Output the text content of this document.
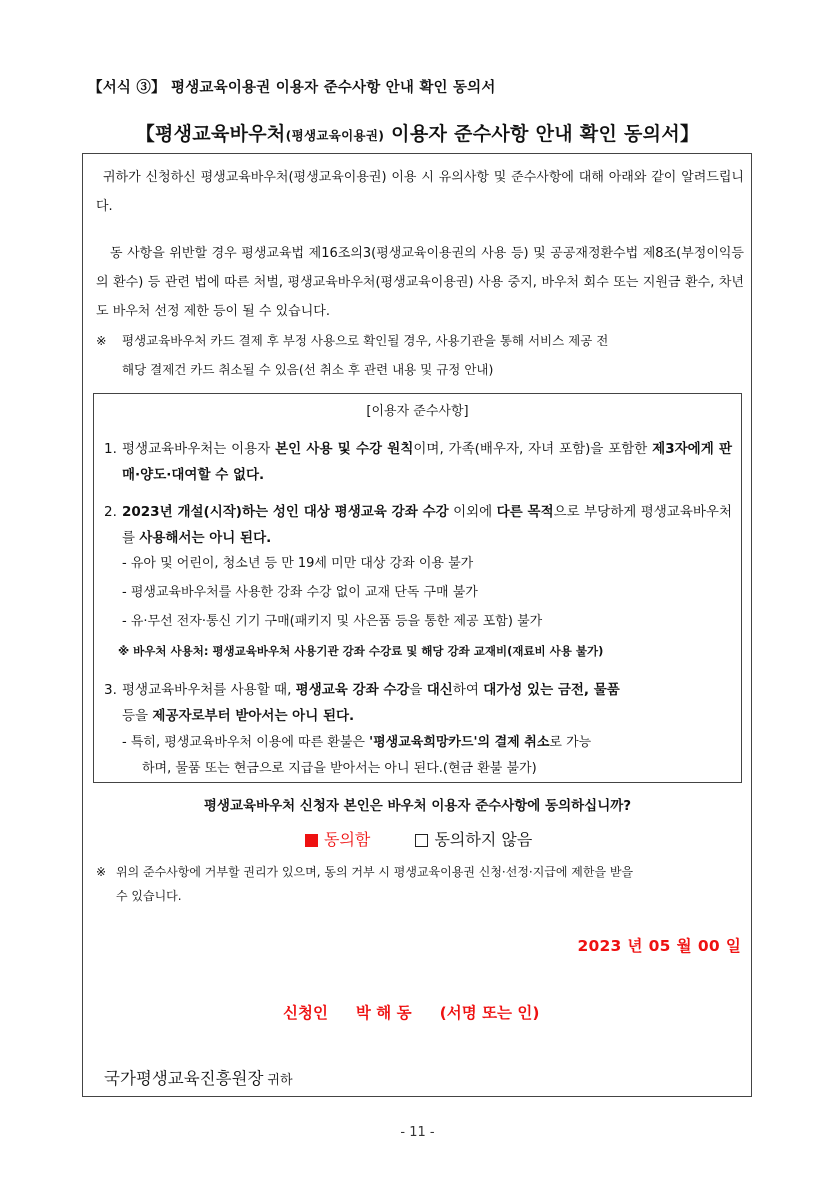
【서식 ③】 평생교육이용권 이용자 준수사항 안내 확인 동의서
【평생교육바우처(평생교육이용권) 이용자 준수사항 안내 확인 동의서】
귀하가 신청하신 평생교육바우처(평생교육이용권) 이용 시 유의사항 및 준수사항에 대해 아래와 같이 알려드립니다.
동 사항을 위반할 경우 평생교육법 제16조의3(평생교육이용권의 사용 등) 및 공공재정환수법 제8조(부정이익등의 환수) 등 관련 법에 따른 처벌, 평생교육바우처(평생교육이용권) 사용 중지, 바우처 회수 또는 지원금 환수, 차년도 바우처 선정 제한 등이 될 수 있습니다.
※ 평생교육바우처 카드 결제 후 부정 사용으로 확인될 경우, 사용기관을 통해 서비스 제공 전
해당 결제건 카드 취소될 수 있음(선 취소 후 관련 내용 및 규정 안내)
[이용자 준수사항]
1. 평생교육바우처는 이용자 본인 사용 및 수강 원칙이며, 가족(배우자, 자녀 포함)을 포함한 제3자에게 판매·양도·대여할 수 없다.
2. 2023년 개설(시작)하는 성인 대상 평생교육 강좌 수강 이외에 다른 목적으로 부당하게 평생교육바우처를 사용해서는 아니 된다.
- 유아 및 어린이, 청소년 등 만 19세 미만 대상 강좌 이용 불가
- 평생교육바우처를 사용한 강좌 수강 없이 교재 단독 구매 불가
- 유·무선 전자·통신 기기 구매(패키지 및 사은품 등을 통한 제공 포함) 불가
※ 바우처 사용처: 평생교육바우처 사용기관 강좌 수강료 및 해당 강좌 교재비(재료비 사용 불가)
3. 평생교육바우처를 사용할 때, 평생교육 강좌 수강을 대신하여 대가성 있는 금전, 물품
등을 제공자로부터 받아서는 아니 된다.
- 특히, 평생교육바우처 이용에 따른 환불은 '평생교육희망카드'의 결제 취소로 가능
하며, 물품 또는 현금으로 지급을 받아서는 아니 된다.(현금 환불 불가)
평생교육바우처 신청자 본인은 바우처 이용자 준수사항에 동의하십니까?
동의함
	동의하지 않음
※ 위의 준수사항에 거부할 권리가 있으며, 동의 거부 시 평생교육이용권 신청·선정·지급에 제한을 받을
수 있습니다.
2023 년 05 월 00 일
신청인 박 해 동 (서명 또는 인)
국가평생교육진흥원장 귀하
- 11 -
